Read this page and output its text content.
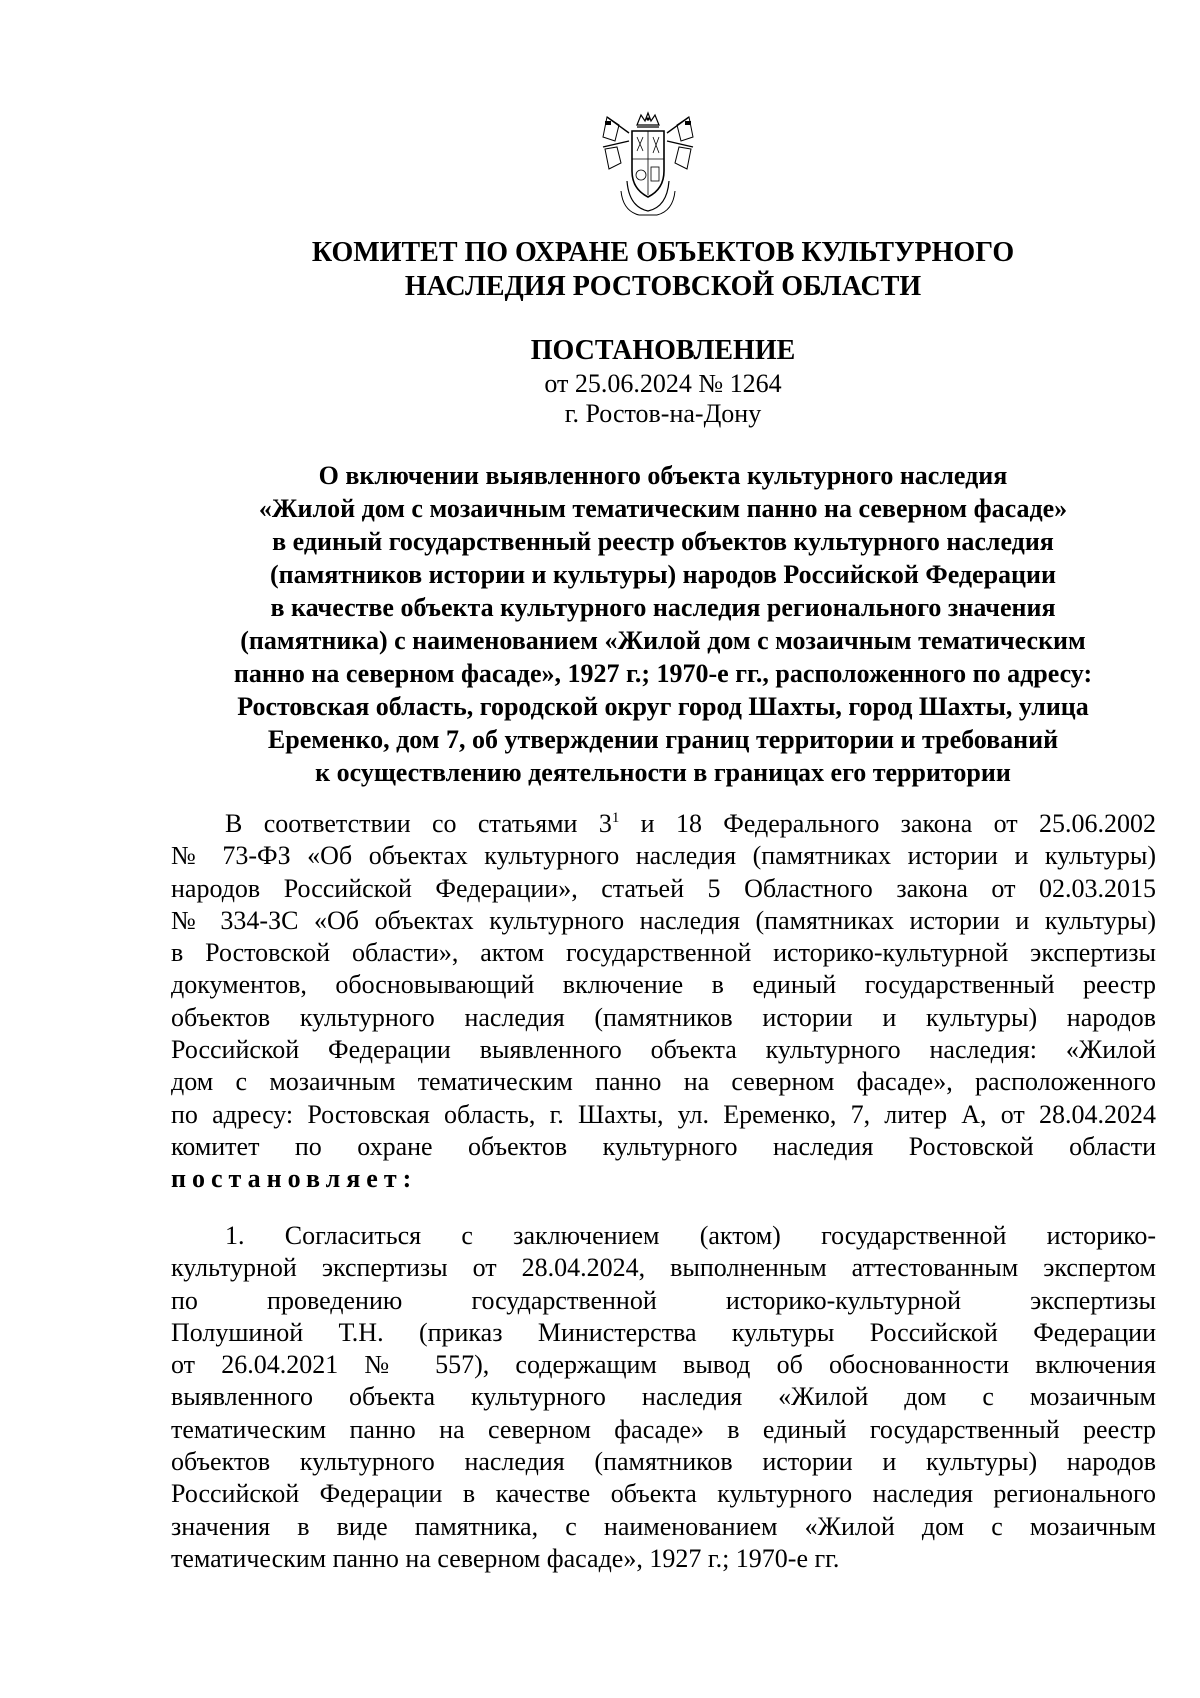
КОМИТЕТ ПО ОХРАНЕ ОБЪЕКТОВ КУЛЬТУРНОГО
НАСЛЕДИЯ РОСТОВСКОЙ ОБЛАСТИ
ПОСТАНОВЛЕНИЕ
от 25.06.2024 № 1264
г. Ростов-на-Дону
О включении выявленного объекта культурного наследия
«Жилой дом с мозаичным тематическим панно на северном фасаде»
в единый государственный реестр объектов культурного наследия
(памятников истории и культуры) народов Российской Федерации
в качестве объекта культурного наследия регионального значения
(памятника) с наименованием «Жилой дом с мозаичным тематическим
панно на северном фасаде», 1927 г.; 1970-е гг., расположенного по адресу:
Ростовская область, городской округ город Шахты, город Шахты, улица
Еременко, дом 7, об утверждении границ территории и требований
к осуществлению деятельности в границах его территории
В соответствии со статьями $3^1$ и 18 Федерального закона от 25.06.2002
№ 73-ФЗ «Об объектах культурного наследия (памятниках истории и культуры)
народов Российской Федерации», статьей 5 Областного закона от 02.03.2015
№ 334-ЗС «Об объектах культурного наследия (памятниках истории и культуры)
в Ростовской области», актом государственной историко-культурной экспертизы
документов, обосновывающий включение в единый государственный реестр
объектов культурного наследия (памятников истории и культуры) народов
Российской Федерации выявленного объекта культурного наследия: «Жилой
дом с мозаичным тематическим панно на северном фасаде», расположенного
по адресу: Ростовская область, г. Шахты, ул. Еременко, 7, литер А, от 28.04.2024
комитет по охране объектов культурного наследия Ростовской области
постановляет:
1. Согласиться с заключением (актом) государственной историко-
культурной экспертизы от 28.04.2024, выполненным аттестованным экспертом
по проведению государственной историко-культурной экспертизы
Полушиной Т.Н. (приказ Министерства культуры Российской Федерации
от 26.04.2021 № 557), содержащим вывод об обоснованности включения
выявленного объекта культурного наследия «Жилой дом с мозаичным
тематическим панно на северном фасаде» в единый государственный реестр
объектов культурного наследия (памятников истории и культуры) народов
Российской Федерации в качестве объекта культурного наследия регионального
значения в виде памятника, с наименованием «Жилой дом с мозаичным
тематическим панно на северном фасаде», 1927 г.; 1970-е гг.
